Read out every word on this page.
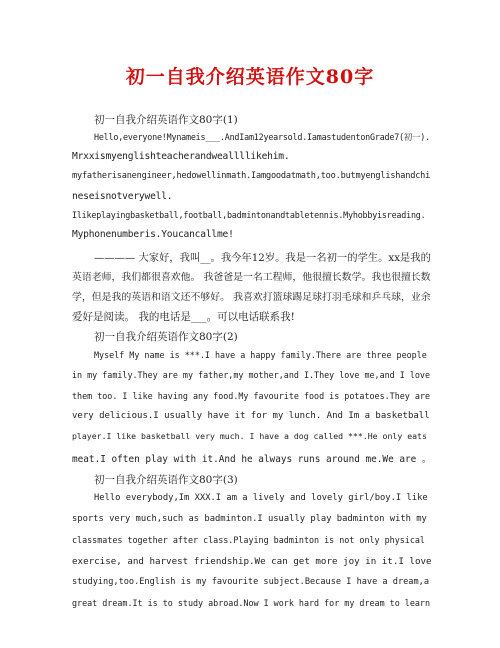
初一自我介绍英语作文80字
初一自我介绍英语作文80字(1)
Hello,everyone!Mynameis___.AndIam12yearsold.IamastudentonGrade7(初一).
Mrxxismyenglishteacherandweallllikehim.
myfatherisanengineer,hedowellinmath.Iamgoodatmath,too.butmyenglishandchi
neseisnotverywell.
Ilikeplayingbasketball,football,badmintonandtabletennis.Myhobbyisreading.
Myphonenumberis.Youcancallme!
———— 大家好，我叫__。我今年12岁。我是一名初一的学生。xx是我的
英语老师，我们都很喜欢他。 我爸爸是一名工程师，他很擅长数学。我也很擅长数
学，但是我的英语和语文还不够好。 我喜欢打篮球踢足球打羽毛球和乒乓球，业余
爱好是阅读。 我的电话是___。可以电话联系我!
初一自我介绍英语作文80字(2)
Myself My name is ***.I have a happy family.There are three people
in my family.They are my father,my mother,and I.They love me,and I love
them too. I like having any food.My favourite food is potatoes.They are
very delicious.I usually have it for my lunch. And Im a basketball
player.I like basketball very much. I have a dog called ***.He only eats
meat.I often play with it.And he always runs around me.We are 。
初一自我介绍英语作文80字(3)
Hello everybody,Im XXX.I am a lively and lovely girl/boy.I like
sports very much,such as badminton.I usually play badminton with my
classmates together after class.Playing badminton is not only physical
exercise, and harvest friendship.We can get more joy in it.I love
studying,too.English is my favourite subject.Because I have a dream,a
great dream.It is to study abroad.Now I work hard for my dream to learn
